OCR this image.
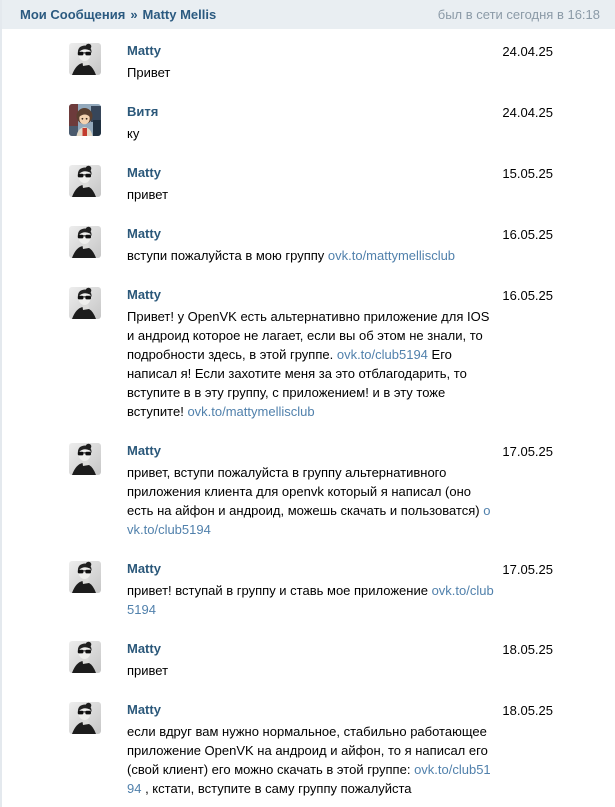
Мои Сообщения » Matty Mellis	был в сети сегодня в 16:18
Matty
Привет
24.04.25
Витя
ку
24.04.25
Matty
привет
15.05.25
Matty
вступи пожалуйста в мою группу ovk.to/mattymellisclub
16.05.25
Matty
Привет! у OpenVK есть альтернативно приложение для IOS и андроид которое не лагает, если вы об этом не знали, то подробности здесь, в этой группе. ovk.to/club5194 Его написал я! Если захотите меня за это отблагодарить, то вступите в в эту группу, с приложением! и в эту тоже вступите! ovk.to/mattymellisclub
16.05.25
Matty
привет, вступи пожалуйста в группу альтернативного приложения клиента для openvk который я написал (оно есть на айфон и андроид, можешь скачать и пользоватся) ovk.to/club5194
17.05.25
Matty
привет! вступай в группу и ставь мое приложение ovk.to/club5194
17.05.25
Matty
привет
18.05.25
Matty
если вдруг вам нужно нормальное, стабильно работающее приложение OpenVK на андроид и айфон, то я написал его (свой клиент) его можно скачать в этой группе: ovk.to/club5194 , кстати, вступите в саму группу пожалуйста
18.05.25
